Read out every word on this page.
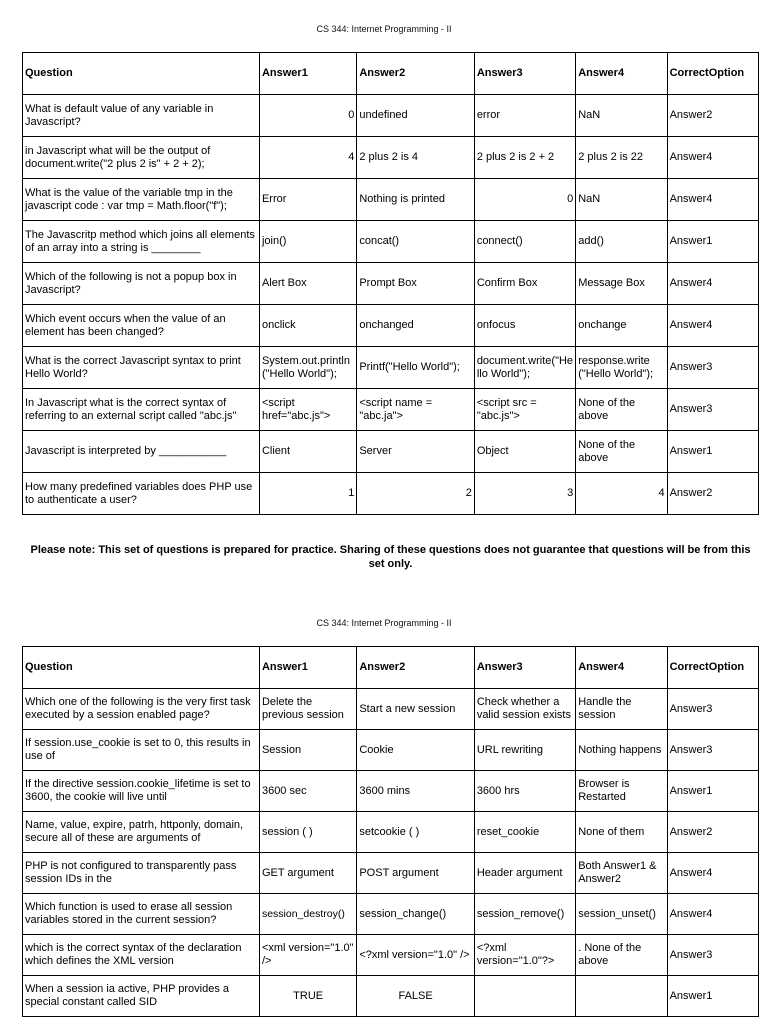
CS 344: Internet Programming - II
Question	Answer1	Answer2	Answer3	Answer4	CorrectOption
What is default value of any variable in Javascript?	0	undefined	error	NaN	Answer2
in Javascript what will be the output of document.write("2 plus 2 is" + 2 + 2);	4	2 plus 2 is 4	2 plus 2 is 2 + 2	2 plus 2 is 22	Answer4
What is the value of the variable tmp in the javascript code : var tmp = Math.floor("f");	Error	Nothing is printed	0	NaN	Answer4
The Javascritp method which joins all elements of an array into a string is ________	join()	concat()	connect()	add()	Answer1
Which of the following is not a popup box in Javascript?	Alert Box	Prompt Box	Confirm Box	Message Box	Answer4
Which event occurs when the value of an element has been changed?	onclick	onchanged	onfocus	onchange	Answer4
What is the correct Javascript syntax to print Hello World?	System.out.println("Hello World");	Printf("Hello World");	document.write("Hello World");	response.write("Hello World");	Answer3
In Javascript what is the correct syntax of referring to an external script called "abc.js"	<script href="abc.js">	<script name = "abc.ja">	<script src = "abc.js">	None of the above	Answer3
Javascript is interpreted by ___________	Client	Server	Object	None of the above	Answer1
How many predefined variables does PHP use to authenticate a user?	1	2	3	4	Answer2
Please note: This set of questions is prepared for practice. Sharing of these questions does not guarantee that questions will be from this set only.
CS 344: Internet Programming - II
Question	Answer1	Answer2	Answer3	Answer4	CorrectOption
Which one of the following is the very first task executed by a session enabled page?	Delete the previous session	Start a new session	Check whether a valid session exists	Handle the session	Answer3
If session.use_cookie is set to 0, this results in use of	Session	Cookie	URL rewriting	Nothing happens	Answer3
If the directive session.cookie_lifetime is set to 3600, the cookie will live until	3600 sec	3600 mins	3600 hrs	Browser is Restarted	Answer1
Name, value, expire, patrh, httponly, domain, secure all of these are arguments of	session ( )	setcookie ( )	reset_cookie	None of them	Answer2
PHP is not configured to transparently pass session IDs in the	GET argument	POST argument	Header argument	Both Answer1 & Answer2	Answer4
Which function is used to erase all session variables stored in the current session?	session_destroy()	session_change()	session_remove()	session_unset()	Answer4
which is the correct syntax of the declaration which defines the XML version	<xml version="1.0" />	<?xml version="1.0" />	<?xml version="1.0"?>	. None of the above	Answer3
When a session ia active, PHP provides a special constant called SID	TRUE	FALSE			Answer1
